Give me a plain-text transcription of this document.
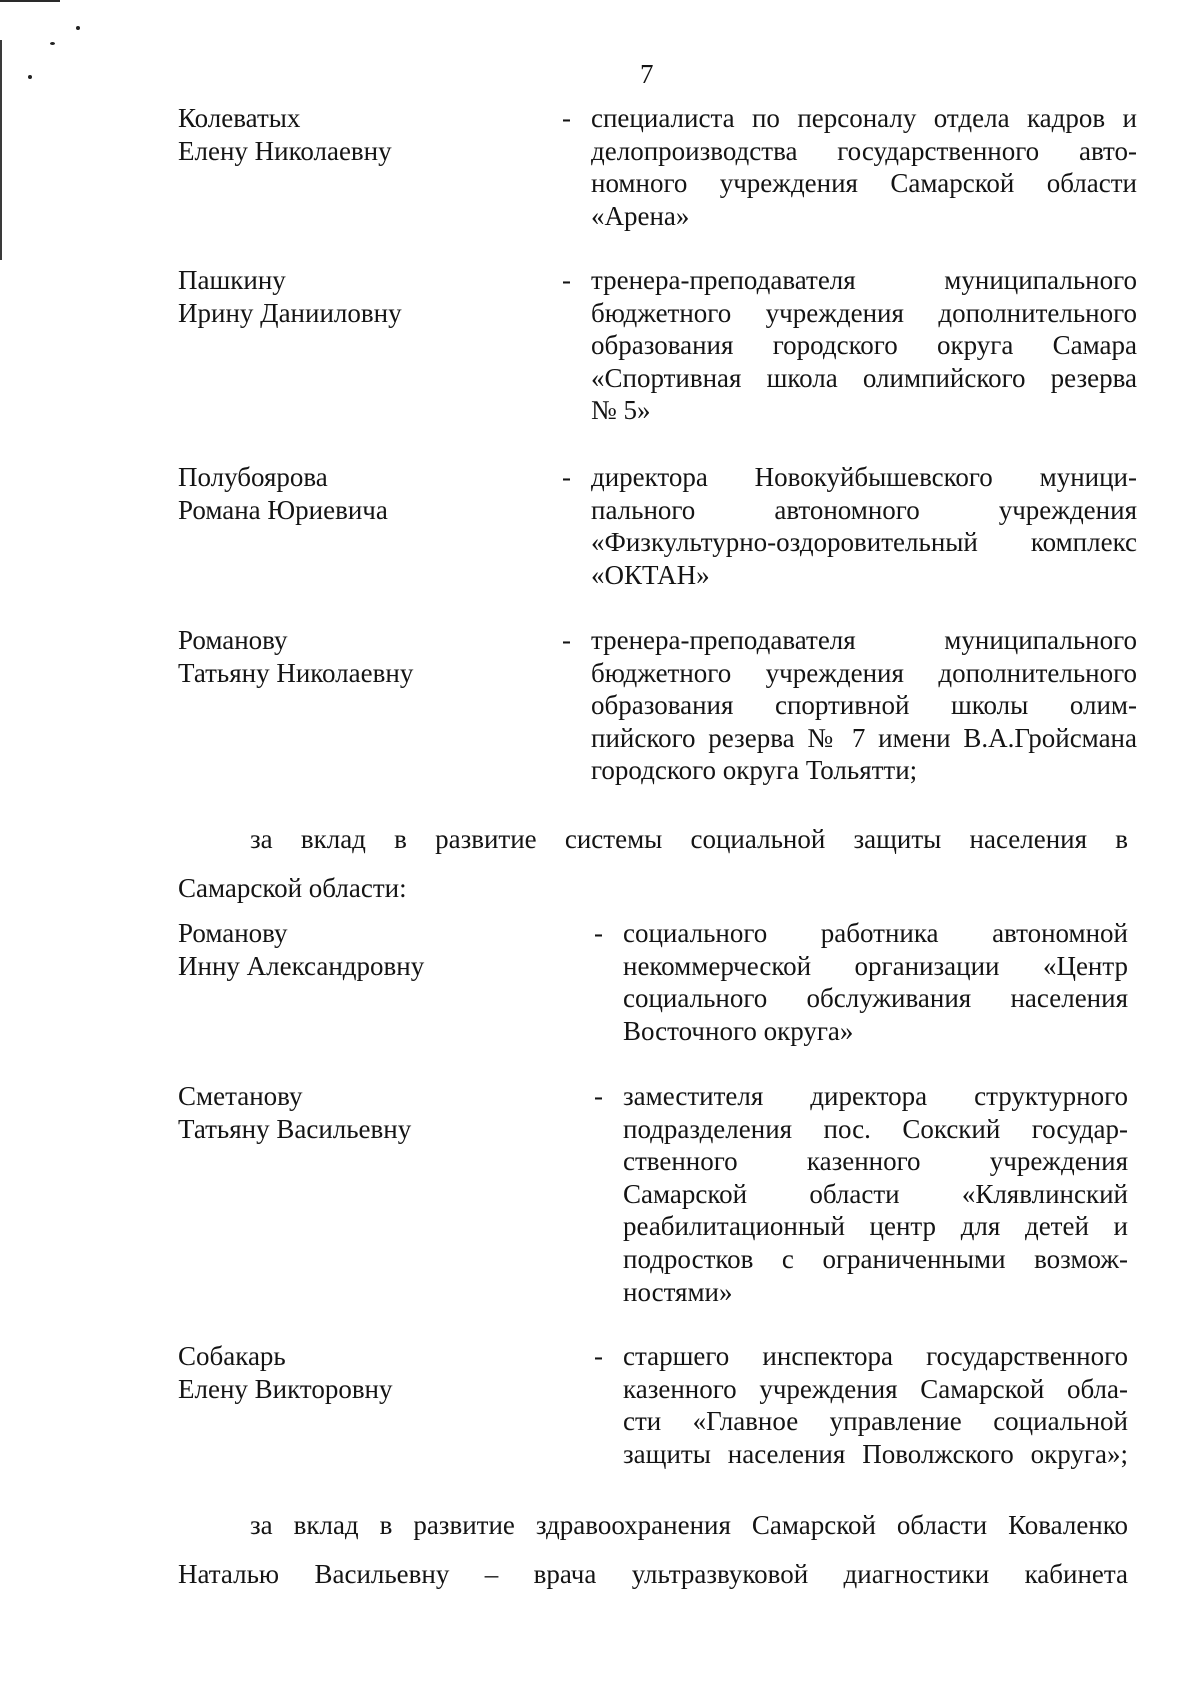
7
Колеватых
Елену Николаевну
- специалиста по персоналу отдела кадров и
делопроизводства государственного авто-
номного учреждения Самарской области
«Арена»
Пашкину
Ирину Данииловну
- тренера-преподавателя муниципального
бюджетного учреждения дополнительного
образования городского округа Самара
«Спортивная школа олимпийского резерва
№ 5»
Полубоярова
Романа Юриевича
- директора Новокуйбышевского муници-
пального автономного учреждения
«Физкультурно-оздоровительный комплекс
«ОКТАН»
Романову
Татьяну Николаевну
- тренера-преподавателя муниципального
бюджетного учреждения дополнительного
образования спортивной школы олим-
пийского резерва № 7 имени В.А.Гройсмана
городского округа Тольятти;
за вклад в развитие системы социальной защиты населения в
Самарской области:
Романову
Инну Александровну
- социального работника автономной
некоммерческой организации «Центр
социального обслуживания населения
Восточного округа»
Сметанову
Татьяну Васильевну
- заместителя директора структурного
подразделения пос. Сокский государ-
ственного казенного учреждения
Самарской области «Клявлинский
реабилитационный центр для детей и
подростков с ограниченными возмож-
ностями»
Собакарь
Елену Викторовну
- старшего инспектора государственного
казенного учреждения Самарской обла-
сти «Главное управление социальной
защиты населения Поволжского округа»;
за вклад в развитие здравоохранения Самарской области Коваленко
Наталью Васильевну – врача ультразвуковой диагностики кабинета
